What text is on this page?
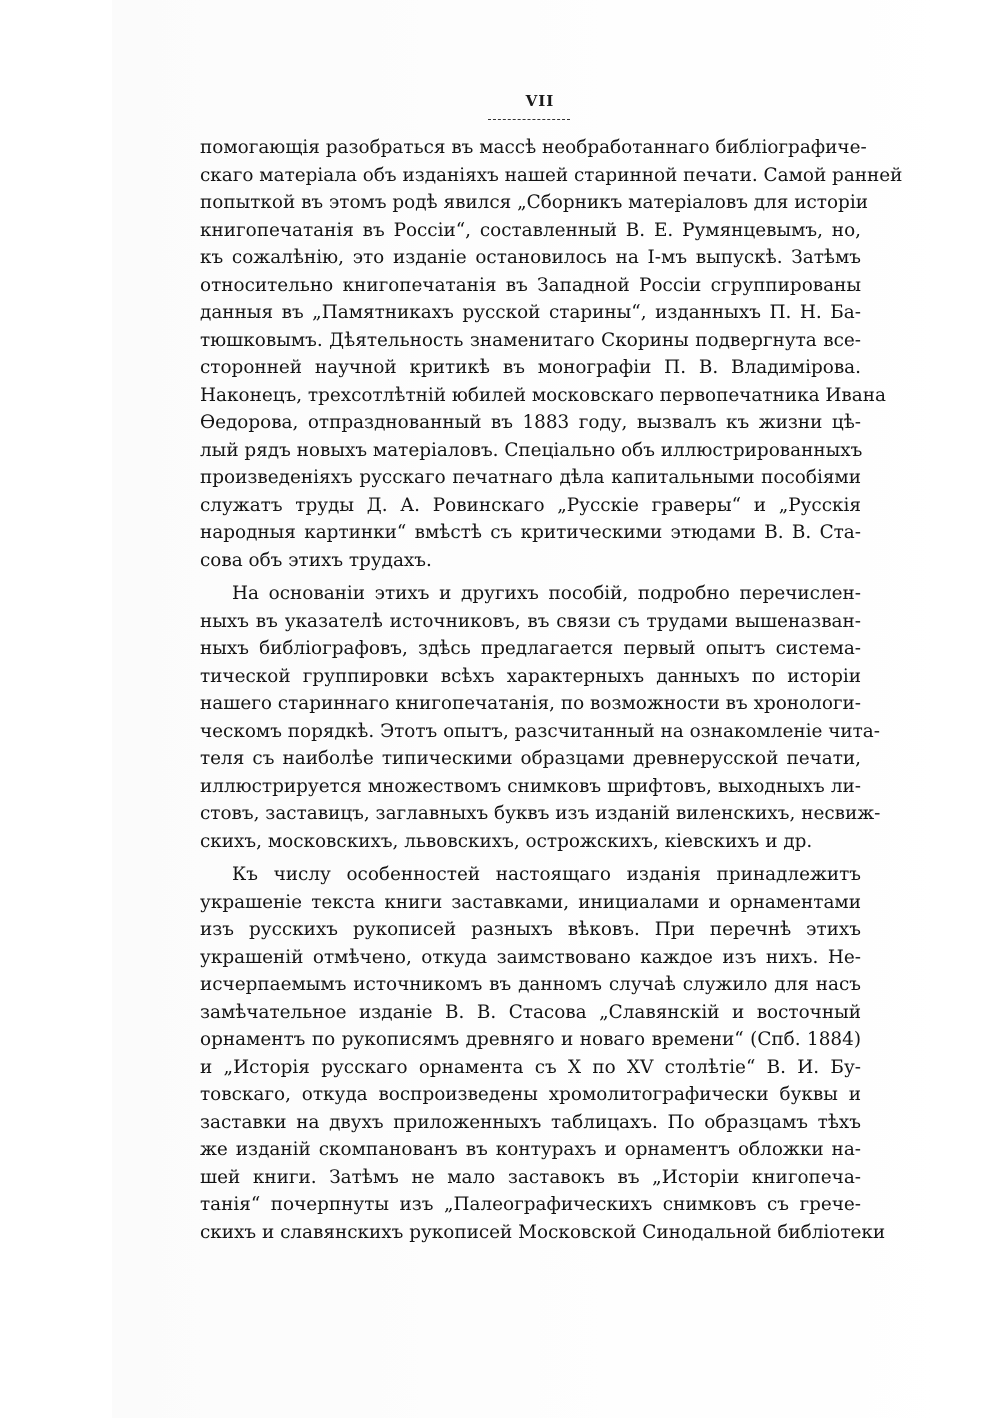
VII
помогающія разобраться въ массѣ необработаннаго библіографиче-
скаго матеріала объ изданіяхъ нашей старинной печати. Самой ранней
попыткой въ этомъ родѣ явился „Сборникъ матеріаловъ для исторіи
книгопечатанія въ Россіи“, составленный В. Е. Румянцевымъ, но,
къ сожалѣнію, это изданіе остановилось на I-мъ выпускѣ. Затѣмъ
относительно книгопечатанія въ Западной Россіи сгруппированы
данныя въ „Памятникахъ русской старины“, изданныхъ П. Н. Ба-
тюшковымъ. Дѣятельность знаменитаго Скорины подвергнута все-
сторонней научной критикѣ въ монографіи П. В. Владимірова.
Наконецъ, трехсотлѣтній юбилей московскаго первопечатника Ивана
Ѳедорова, отпразднованный въ 1883 году, вызвалъ къ жизни цѣ-
лый рядъ новыхъ матеріаловъ. Спеціально объ иллюстрированныхъ
произведеніяхъ русскаго печатнаго дѣла капитальными пособіями
служатъ труды Д. А. Ровинскаго „Русскіе граверы“ и „Русскія
народныя картинки“ вмѣстѣ съ критическими этюдами В. В. Ста-
сова объ этихъ трудахъ.
На основаніи этихъ и другихъ пособій, подробно перечислен-
ныхъ въ указателѣ источниковъ, въ связи съ трудами вышеназван-
ныхъ библіографовъ, здѣсь предлагается первый опытъ система-
тической группировки всѣхъ характерныхъ данныхъ по исторіи
нашего стариннаго книгопечатанія, по возможности въ хронологи-
ческомъ порядкѣ. Этотъ опытъ, разсчитанный на ознакомленіе чита-
теля съ наиболѣе типическими образцами древнерусской печати,
иллюстрируется множествомъ снимковъ шрифтовъ, выходныхъ ли-
стовъ, заставицъ, заглавныхъ буквъ изъ изданій виленскихъ, несвиж-
скихъ, московскихъ, львовскихъ, острожскихъ, кіевскихъ и др.
Къ числу особенностей настоящаго изданія принадлежитъ
украшеніе текста книги заставками, инициалами и орнаментами
изъ русскихъ рукописей разныхъ вѣковъ. При перечнѣ этихъ
украшеній отмѣчено, откуда заимствовано каждое изъ нихъ. Не-
исчерпаемымъ источникомъ въ данномъ случаѣ служило для насъ
замѣчательное изданіе В. В. Стасова „Славянскій и восточный
орнаментъ по рукописямъ древняго и новаго времени“ (Спб. 1884)
и „Исторія русскаго орнамента съ X по XV столѣтіе“ В. И. Бу-
товскаго, откуда воспроизведены хромолитографически буквы и
заставки на двухъ приложенныхъ таблицахъ. По образцамъ тѣхъ
же изданій скомпанованъ въ контурахъ и орнаментъ обложки на-
шей книги. Затѣмъ не мало заставокъ въ „Исторіи книгопеча-
танія“ почерпнуты изъ „Палеографическихъ снимковъ съ грече-
скихъ и славянскихъ рукописей Московской Синодальной библіотеки
